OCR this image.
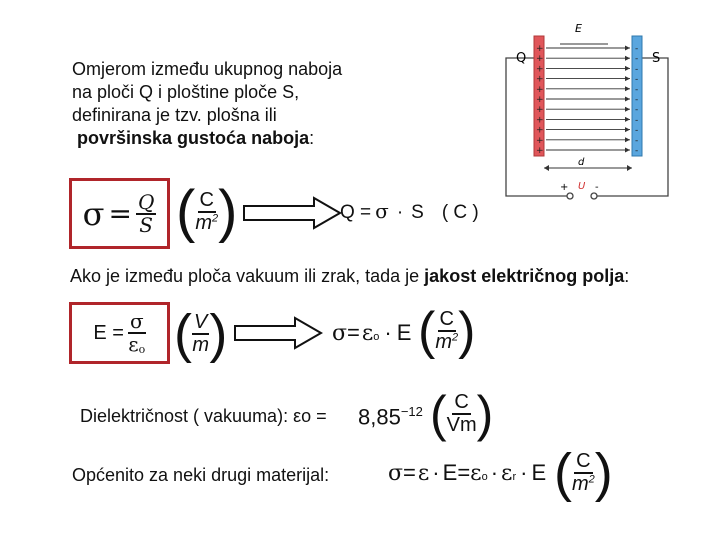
Omjerom između ukupnog naboja
na ploči Q i ploštine ploče S,
definirana je tzv. plošna ili
površinska gustoća naboja:
+
+
+
+
+
+
+
+
+
+
+
-
-
-
-
-
-
-
-
-
-
-
E
Q	S
d
+ U -
$\sigma = \frac{Q}{S}$ ( $\frac{C}{m^2}$ )	Q = σ · S ( C )
Ako je između ploča vakuum ili zrak, tada je jakost električnog polja:
$E = \frac{\sigma}{\varepsilon o}$ ( $\frac{V}{m}$ )	σ = ε o · E ( $\frac{C}{m^2}$ )
Dielektričnost ( vakuuma): $\varepsilon o = 8,85^{-12}$ ( $\frac{C}{Vm}$ )
Općenito za neki drugi materijal:	σ = ε · E = ε o · ε r · E ( $\frac{C}{m^2}$ )
